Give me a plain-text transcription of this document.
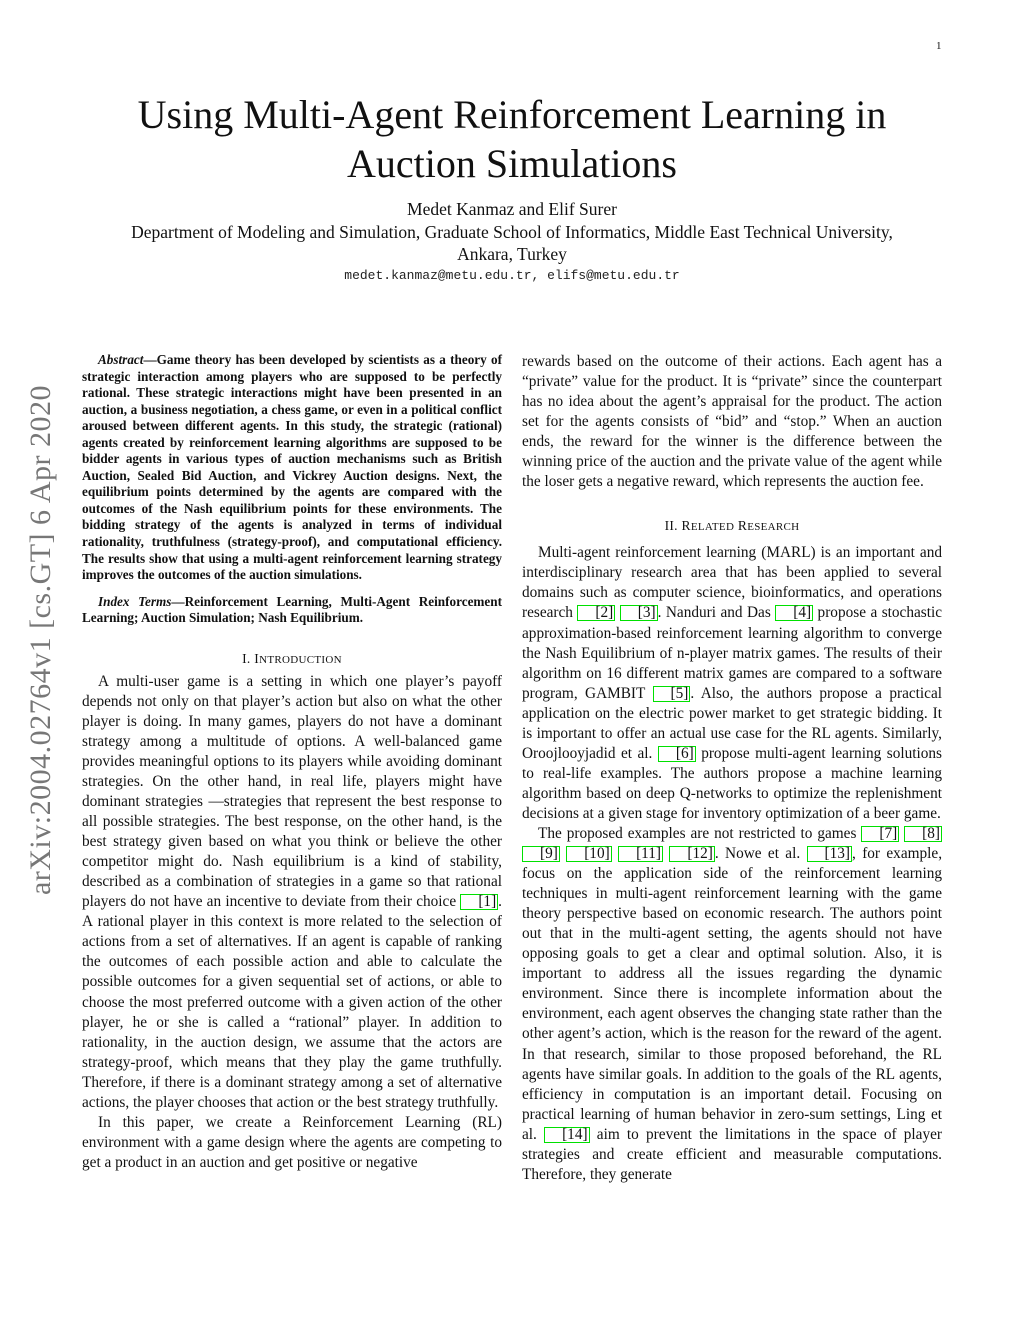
1
arXiv:2004.02764v1 [cs.GT] 6 Apr 2020
Using Multi-Agent Reinforcement Learning in
Auction Simulations
Medet Kanmaz and Elif Surer
Department of Modeling and Simulation, Graduate School of Informatics, Middle East Technical University,
Ankara, Turkey
medet.kanmaz@metu.edu.tr, elifs@metu.edu.tr

Abstract—Game theory has been developed by scientists as a theory of strategic interaction among players who are supposed to be perfectly rational. These strategic interactions might have been presented in an auction, a business negotiation, a chess game, or even in a political conflict aroused between different agents. In this study, the strategic (rational) agents created by reinforcement learning algorithms are supposed to be bidder agents in various types of auction mechanisms such as British Auction, Sealed Bid Auction, and Vickrey Auction designs. Next, the equilibrium points determined by the agents are compared with the outcomes of the Nash equilibrium points for these environments. The bidding strategy of the agents is analyzed in terms of individual rationality, truthfulness (strategy-proof), and computational efficiency. The results show that using a multi-agent reinforcement learning strategy improves the outcomes of the auction simulations.

Index Terms—Reinforcement Learning, Multi-Agent Reinforcement Learning; Auction Simulation; Nash Equilibrium.

I. INTRODUCTION

A multi-user game is a setting in which one player’s payoff depends not only on that player’s action but also on what the other player is doing. In many games, players do not have a dominant strategy among a multitude of options. A well-balanced game provides meaningful options to its players while avoiding dominant strategies. On the other hand, in real life, players might have dominant strategies —strategies that represent the best response to all possible strategies. The best response, on the other hand, is the best strategy given based on what you think or believe the other competitor might do. Nash equilibrium is a kind of stability, described as a combination of strategies in a game so that rational players do not have an incentive to deviate from their choice [1] . A rational player in this context is more related to the selection of actions from a set of alternatives. If an agent is capable of ranking the outcomes of each possible action and able to calculate the possible outcomes for a given sequential set of actions, or able to choose the most preferred outcome with a given action of the other player, he or she is called a “rational” player. In addition to rationality, in the auction design, we assume that the actors are strategy-proof, which means that they play the game truthfully. Therefore, if there is a dominant strategy among a set of alternative actions, the player chooses that action or the best strategy truthfully.

In this paper, we create a Reinforcement Learning (RL) environment with a game design where the agents are competing to get a product in an auction and get positive or negative

rewards based on the outcome of their actions. Each agent has a “private” value for the product. It is “private” since the counterpart has no idea about the agent’s appraisal for the product. The action set for the agents consists of “bid” and “stop.” When an auction ends, the reward for the winner is the difference between the winning price of the auction and the private value of the agent while the loser gets a negative reward, which represents the auction fee.

II. RELATED RESEARCH

Multi-agent reinforcement learning (MARL) is an important and interdisciplinary research area that has been applied to several domains such as computer science, bioinformatics, and operations research [2] [3] . Nanduri and Das [4] propose a stochastic approximation-based reinforcement learning algorithm to converge the Nash Equilibrium of n-player matrix games. The results of their algorithm on 16 different matrix games are compared to a software program, GAMBIT [5] . Also, the authors propose a practical application on the electric power market to get strategic bidding. It is important to offer an actual use case for the RL agents. Similarly, Oroojlooyjadid et al. [6] propose multi-agent learning solutions to real-life examples. The authors propose a machine learning algorithm based on deep Q-networks to optimize the replenishment decisions at a given stage for inventory optimization of a beer game.

The proposed examples are not restricted to games [7] [8] [9] [10] [11] [12] . Nowe et al. [13] , for example, focus on the application side of the reinforcement learning techniques in multi-agent reinforcement learning with the game theory perspective based on economic research. The authors point out that in the multi-agent setting, the agents should not have opposing goals to get a clear and optimal solution. Also, it is important to address all the issues regarding the dynamic environment. Since there is incomplete information about the environment, each agent observes the changing state rather than the other agent’s action, which is the reason for the reward of the agent. In that research, similar to those proposed beforehand, the RL agents have similar goals. In addition to the goals of the RL agents, efficiency in computation is an important detail. Focusing on practical learning of human behavior in zero-sum settings, Ling et al. [14] aim to prevent the limitations in the space of player strategies and create efficient and measurable computations. Therefore, they generate
